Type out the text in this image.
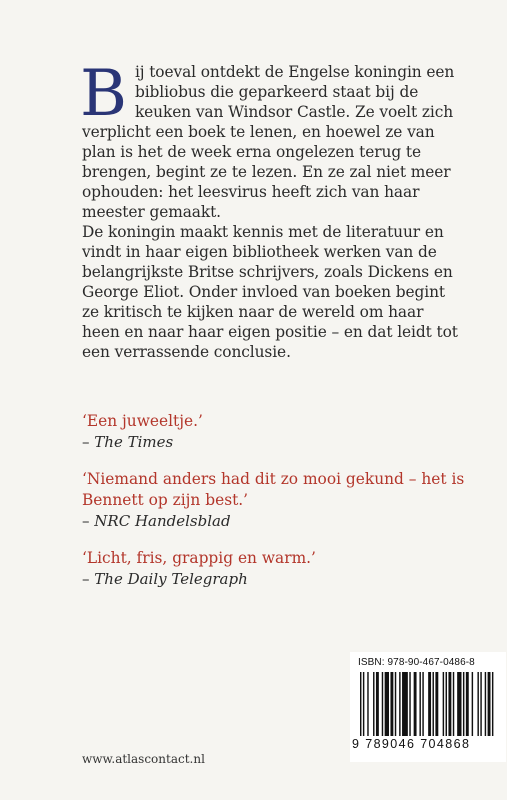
Bij toeval ontdekt de Engelse koningin een bibliobus die geparkeerd staat bij de keuken van Windsor Castle. Ze voelt zich verplicht een boek te lenen, en hoewel ze van plan is het de week erna ongelezen terug te brengen, begint ze te lezen. En ze zal niet meer ophouden: het leesvirus heeft zich van haar meester gemaakt.

De koningin maakt kennis met de literatuur en vindt in haar eigen bibliotheek werken van de belangrijkste Britse schrijvers, zoals Dickens en George Eliot. Onder invloed van boeken begint ze kritisch te kijken naar de wereld om haar heen en naar haar eigen positie – en dat leidt tot een verrassende conclusie.

‘Een juweeltje.’
– The Times
‘Niemand anders had dit zo mooi gekund – het is Bennett op zijn best.’
– NRC Handelsblad
‘Licht, fris, grappig en warm.’
– The Daily Telegraph
www.atlascontact.nl
ISBN: 978-90-467-0486-8
9 789046 704868
